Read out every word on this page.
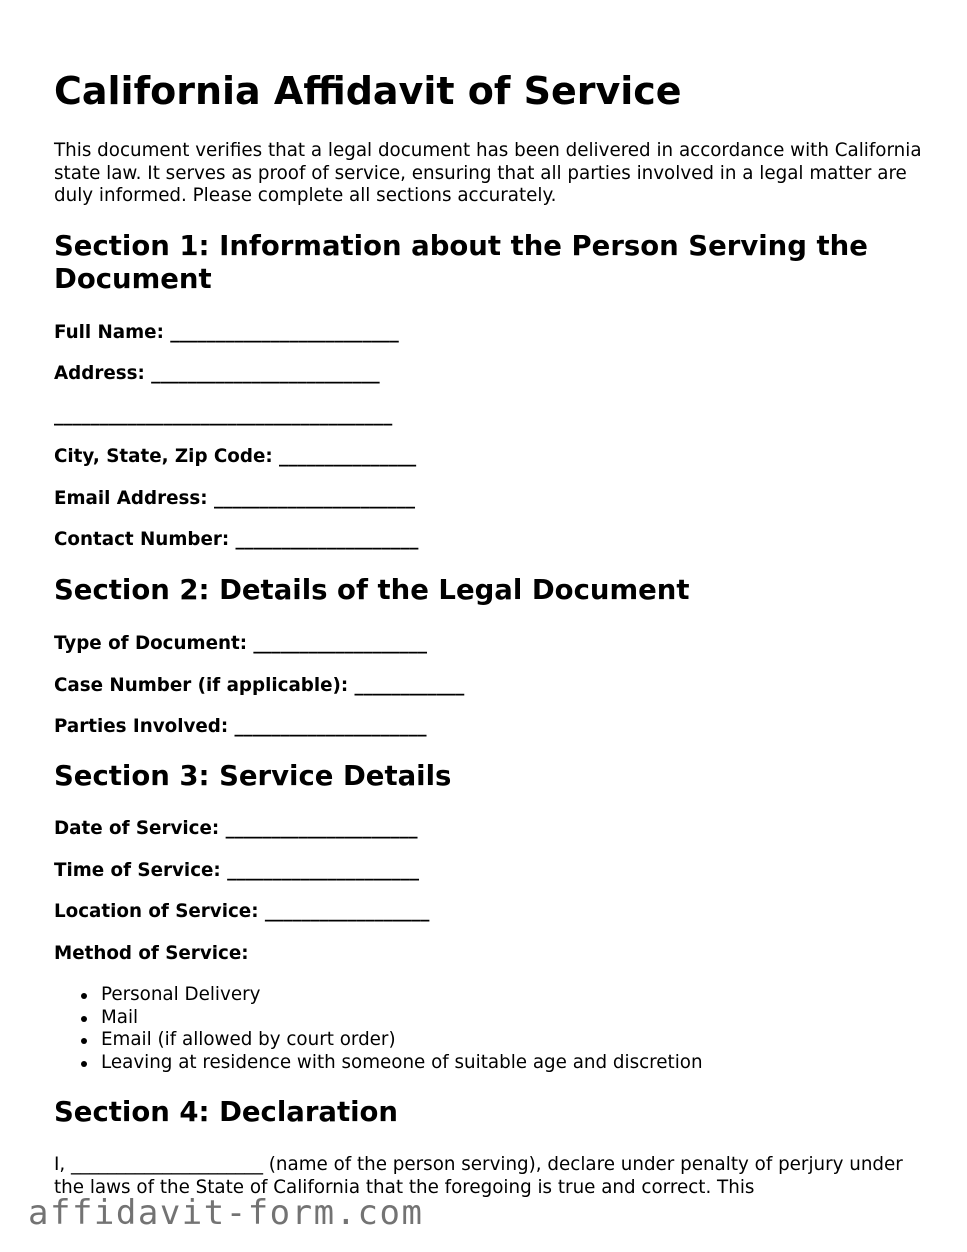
California Affidavit of Service

This document verifies that a legal document has been delivered in accordance with California state law. It serves as proof of service, ensuring that all parties involved in a legal matter are duly informed. Please complete all sections accurately.

Section 1: Information about the Person Serving the Document
Full Name: _________________________
Address: _________________________
_____________________________________
City, State, Zip Code: _______________
Email Address: ______________________
Contact Number: ____________________
Section 2: Details of the Legal Document
Type of Document: ___________________
Case Number (if applicable): ____________
Parties Involved: _____________________
Section 3: Service Details
Date of Service: _____________________
Time of Service: _____________________
Location of Service: __________________
Method of Service:
Personal Delivery
Mail
Email (if allowed by court order)
Leaving at residence with someone of suitable age and discretion
Section 4: Declaration

I, _____________________ (name of the person serving), declare under penalty of perjury under the laws of the State of California that the foregoing is true and correct. This

affidavit-form.com
